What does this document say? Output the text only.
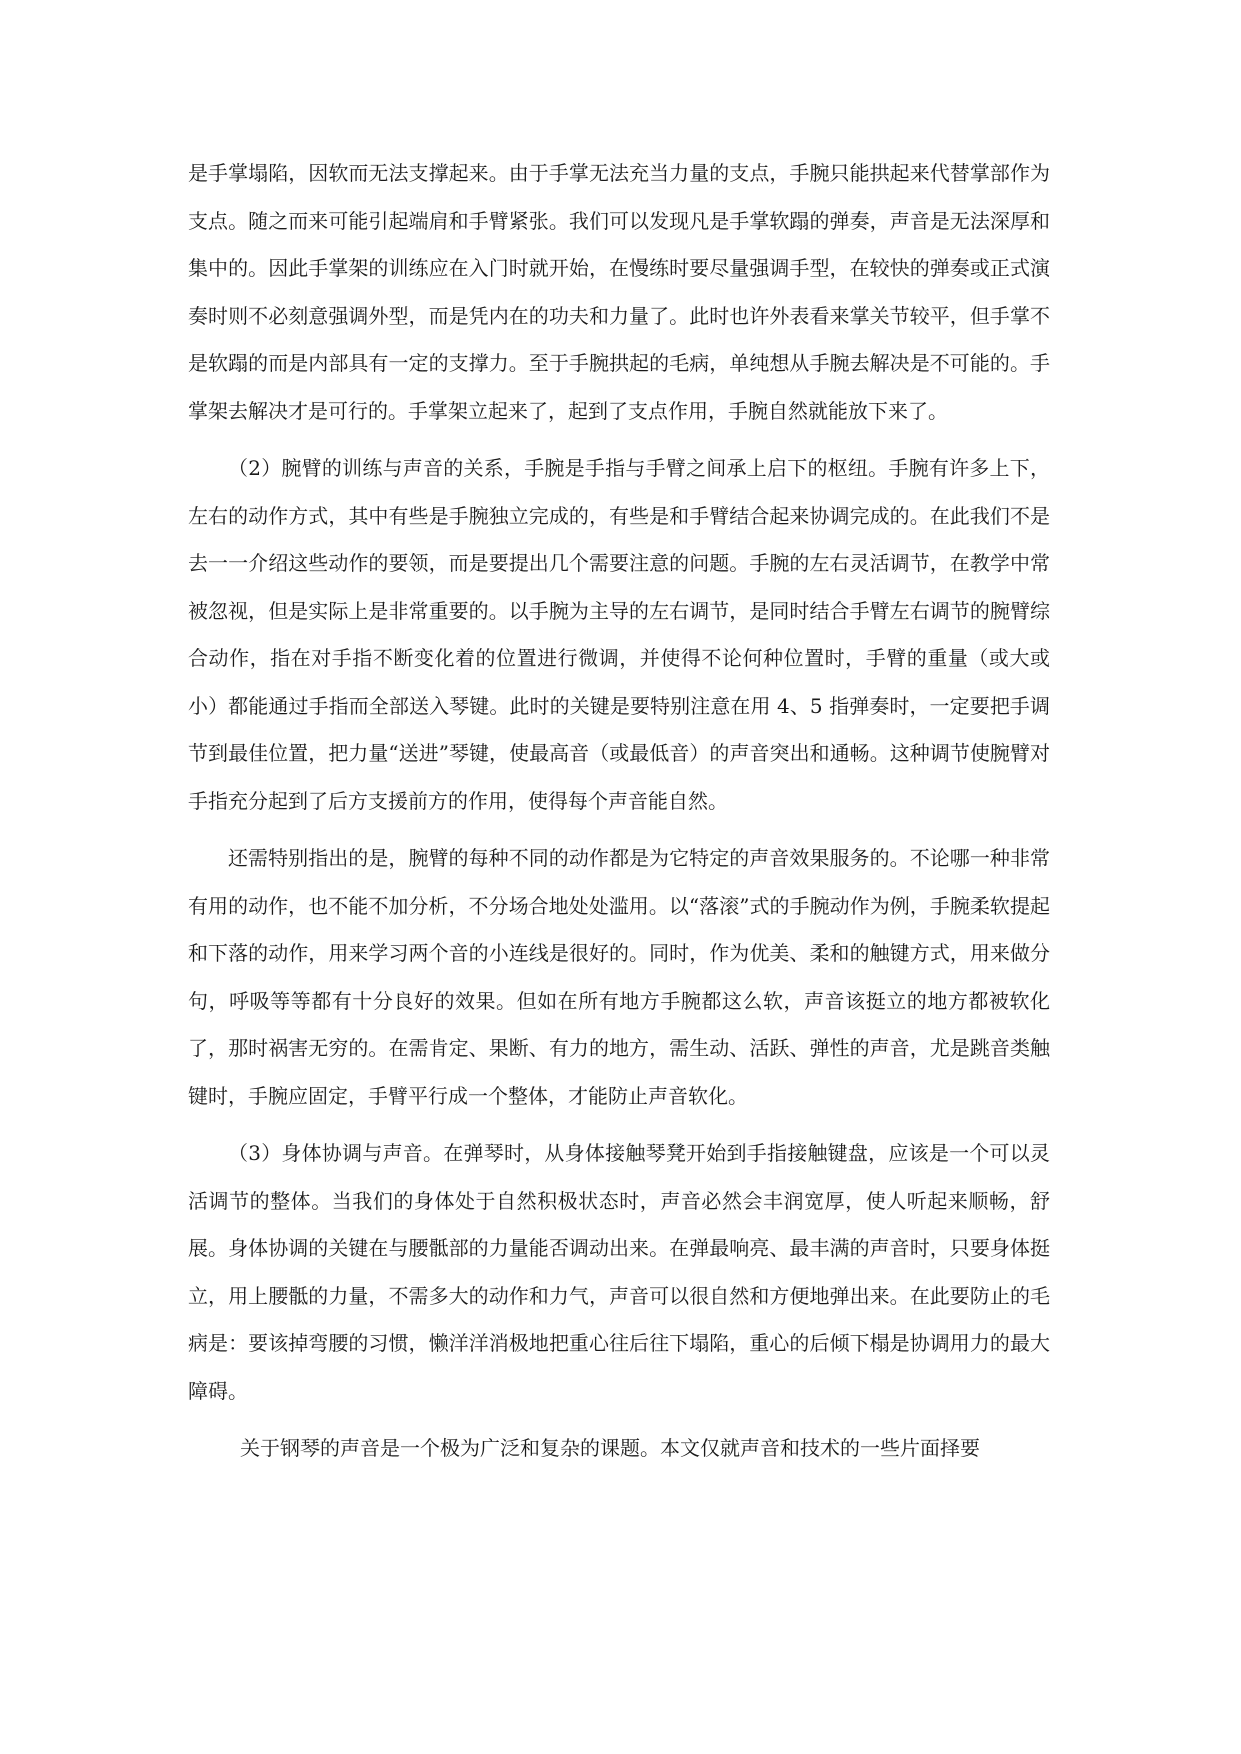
是手掌塌陷，因软而无法支撑起来。由于手掌无法充当力量的支点，手腕只能拱起来代替掌部作为支点。随之而来可能引起端肩和手臂紧张。我们可以发现凡是手掌软蹋的弹奏，声音是无法深厚和集中的。因此手掌架的训练应在入门时就开始，在慢练时要尽量强调手型，在较快的弹奏或正式演奏时则不必刻意强调外型，而是凭内在的功夫和力量了。此时也许外表看来掌关节较平，但手掌不是软蹋的而是内部具有一定的支撑力。至于手腕拱起的毛病，单纯想从手腕去解决是不可能的。手掌架去解决才是可行的。手掌架立起来了，起到了支点作用，手腕自然就能放下来了。

（2）腕臂的训练与声音的关系，手腕是手指与手臂之间承上启下的枢纽。手腕有许多上下，左右的动作方式，其中有些是手腕独立完成的，有些是和手臂结合起来协调完成的。在此我们不是去一一介绍这些动作的要领，而是要提出几个需要注意的问题。手腕的左右灵活调节，在教学中常被忽视，但是实际上是非常重要的。以手腕为主导的左右调节，是同时结合手臂左右调节的腕臂综合动作，指在对手指不断变化着的位置进行微调，并使得不论何种位置时，手臂的重量（或大或小）都能通过手指而全部送入琴键。此时的关键是要特别注意在用 4、5 指弹奏时，一定要把手调节到最佳位置，把力量“送进”琴键，使最高音（或最低音）的声音突出和通畅。这种调节使腕臂对手指充分起到了后方支援前方的作用，使得每个声音能自然。

还需特别指出的是，腕臂的每种不同的动作都是为它特定的声音效果服务的。不论哪一种非常有用的动作，也不能不加分析，不分场合地处处滥用。以“落滚”式的手腕动作为例，手腕柔软提起和下落的动作，用来学习两个音的小连线是很好的。同时，作为优美、柔和的触键方式，用来做分句，呼吸等等都有十分良好的效果。但如在所有地方手腕都这么软，声音该挺立的地方都被软化了，那时祸害无穷的。在需肯定、果断、有力的地方，需生动、活跃、弹性的声音，尤是跳音类触键时，手腕应固定，手臂平行成一个整体，才能防止声音软化。

（3）身体协调与声音。在弹琴时，从身体接触琴凳开始到手指接触键盘，应该是一个可以灵活调节的整体。当我们的身体处于自然积极状态时，声音必然会丰润宽厚，使人听起来顺畅，舒展。身体协调的关键在与腰骶部的力量能否调动出来。在弹最响亮、最丰满的声音时，只要身体挺立，用上腰骶的力量，不需多大的动作和力气，声音可以很自然和方便地弹出来。在此要防止的毛病是：要该掉弯腰的习惯，懒洋洋消极地把重心往后往下塌陷，重心的后倾下榻是协调用力的最大障碍。

关于钢琴的声音是一个极为广泛和复杂的课题。本文仅就声音和技术的一些片面择要
